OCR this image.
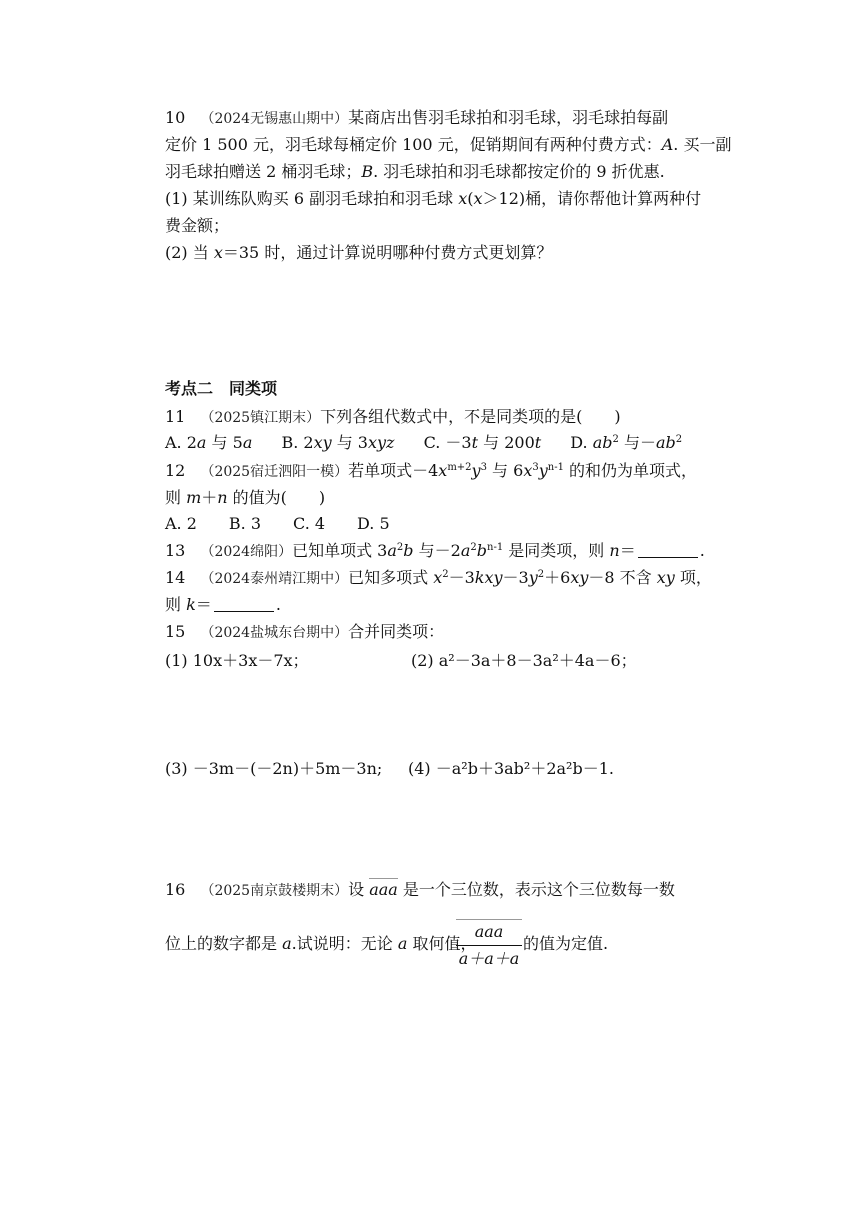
10 （2024无锡惠山期中）某商店出售羽毛球拍和羽毛球，羽毛球拍每副
定价 1 500 元，羽毛球每桶定价 100 元，促销期间有两种付费方式：A. 买一副
羽毛球拍赠送 2 桶羽毛球；B. 羽毛球拍和羽毛球都按定价的 9 折优惠.
(1) 某训练队购买 6 副羽毛球拍和羽毛球 x(x＞12)桶，请你帮他计算两种付
费金额；
(2) 当 x＝35 时，通过计算说明哪种付费方式更划算？
考点二　同类项
11 （2025镇江期末）下列各组代数式中，不是同类项的是(　　)
A. 2a 与 5a B. 2xy 与 3xyz C. －3t 与 200t D. $ab^2$ 与$-ab^2$
12 （2025宿迁泗阳一模）若单项式$-4x^{m+2}y^3$ 与 $6x^3y^{n-1}$ 的和仍为单项式，
则 m＋n 的值为(　　)
A. 2　　B. 3　　C. 4　　D. 5
13 （2024绵阳）已知单项式 $3a^2b$ 与$-2a^2b^{n-1}$ 是同类项，则 n＝	.
14 （2024泰州靖江期中）已知多项式 $x^2-3kxy-3y^2+6xy-8$ 不含 xy 项，
则 k＝	.
15 （2024盐城东台期中）合并同类项：
(1) 10x＋3x－7x；	(2) a²－3a＋8－3a²＋4a－6；
(3) －3m－(－2n)＋5m－3n; (4) －a²b＋3ab²＋2a²b－1.
16 （2025南京鼓楼期末）设 aaa 是一个三位数，表示这个三位数每一数
位上的数字都是 a.试说明：无论 a 取何值，
aaa
a＋a＋a
的值为定值.
